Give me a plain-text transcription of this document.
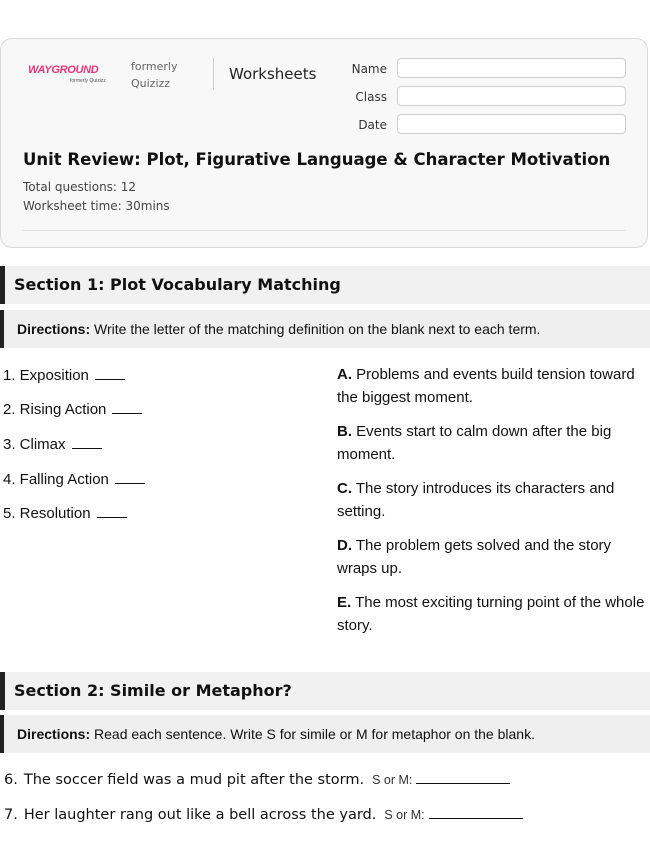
WAYGROUND
formerly Quizizz
formerly
Quizizz
Worksheets	Name
Class
Date
Unit Review: Plot, Figurative Language & Character Motivation
Total questions: 12
Worksheet time: 30mins
Section 1: Plot Vocabulary Matching
Directions: Write the letter of the matching definition on the blank next to each term.
1. Exposition
2. Rising Action
3. Climax
4. Falling Action
5. Resolution
A. Problems and events build tension toward the biggest moment.
B. Events start to calm down after the big moment.
C. The story introduces its characters and setting.
D. The problem gets solved and the story wraps up.
E. The most exciting turning point of the whole story.
Section 2: Simile or Metaphor?
Directions: Read each sentence. Write S for simile or M for metaphor on the blank.
6. The soccer field was a mud pit after the storm. S or M:
7. Her laughter rang out like a bell across the yard. S or M:
